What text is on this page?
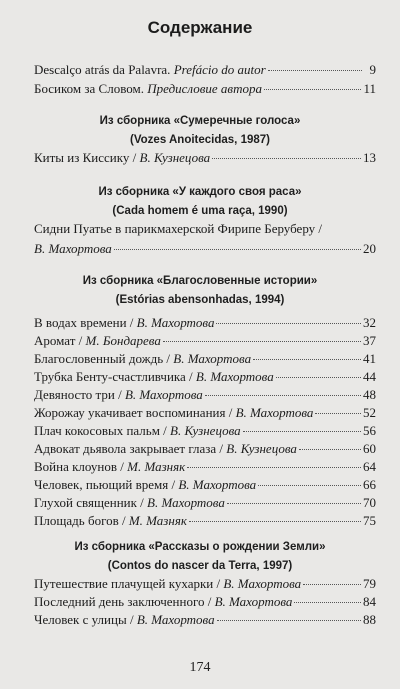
Содержание
Descalço atrás da Palavra. Prefácio do autor	9
Босиком за Словом. Предисловие автора	11
Из сборника «Сумеречные голоса»
(Vozes Anoitecidas, 1987)
Киты из Киссику / В. Кузнецова	13
Из сборника «У каждого своя раса»
(Cada homem é uma raça, 1990)
Сидни Пуатье в парикмахерской Фирипе Беруберу /
В. Махортова	20
Из сборника «Благословенные истории»
(Estórias abensonhadas, 1994)
В водах времени / В. Махортова	32
Аромат / М. Бондарева	37
Благословенный дождь / В. Махортова	41
Трубка Бенту-счастливчика / В. Махортова	44
Девяносто три / В. Махортова	48
Жорожау укачивает воспоминания / В. Махортова	52
Плач кокосовых пальм / В. Кузнецова	56
Адвокат дьявола закрывает глаза / В. Кузнецова	60
Война клоунов / М. Мазняк	64
Человек, пьющий время / В. Махортова	66
Глухой священник / В. Махортова	70
Площадь богов / М. Мазняк	75
Из сборника «Рассказы о рождении Земли»
(Contos do nascer da Terra, 1997)
Путешествие плачущей кухарки / В. Махортова	79
Последний день заключенного / В. Махортова	84
Человек с улицы / В. Махортова	88
174
